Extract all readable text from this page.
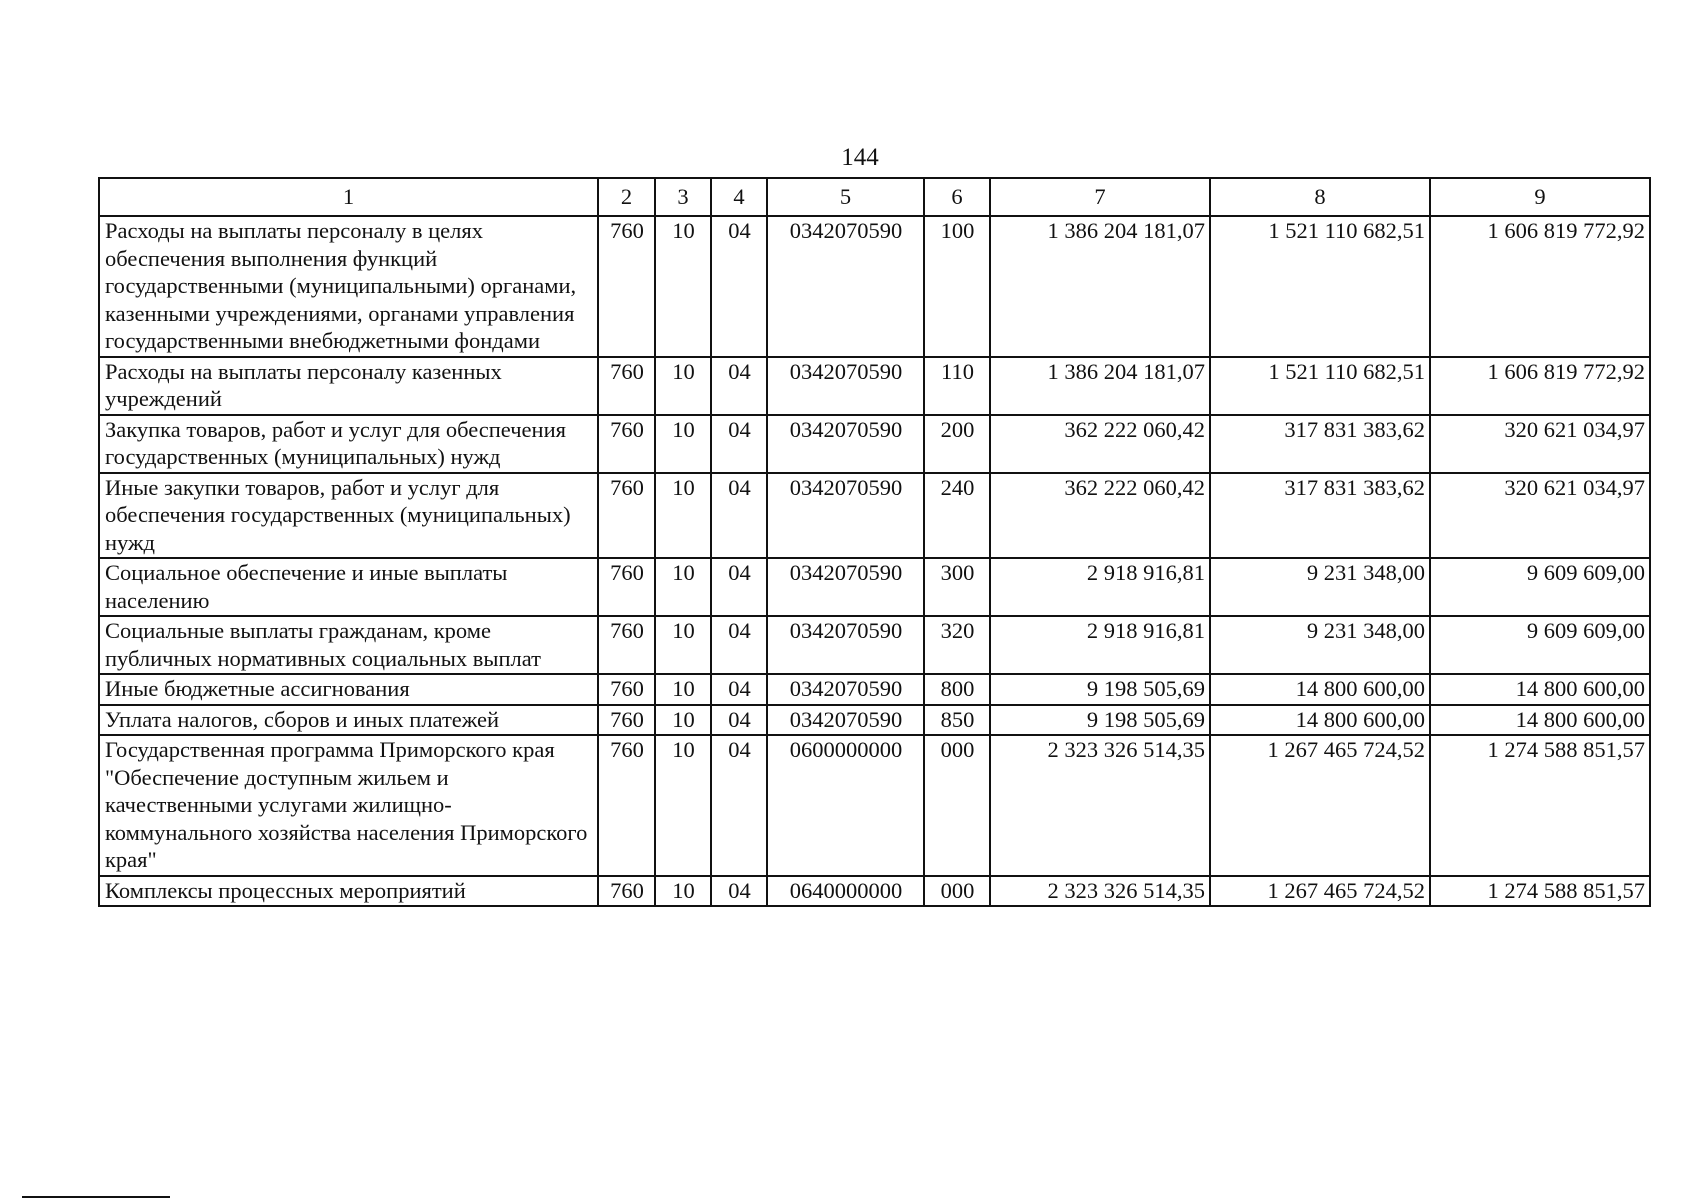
144
1	2	3	4	5	6	7	8	9
Расходы на выплаты персоналу в целях обеспечения выполнения функций государственными (муниципальными) органами, казенными учреждениями, органами управления государственными внебюджетными фондами	760	10	04	0342070590	100	1 386 204 181,07	1 521 110 682,51	1 606 819 772,92
Расходы на выплаты персоналу казенных учреждений	760	10	04	0342070590	110	1 386 204 181,07	1 521 110 682,51	1 606 819 772,92
Закупка товаров, работ и услуг для обеспечения государственных (муниципальных) нужд	760	10	04	0342070590	200	362 222 060,42	317 831 383,62	320 621 034,97
Иные закупки товаров, работ и услуг для обеспечения государственных (муниципальных) нужд	760	10	04	0342070590	240	362 222 060,42	317 831 383,62	320 621 034,97
Социальное обеспечение и иные выплаты населению	760	10	04	0342070590	300	2 918 916,81	9 231 348,00	9 609 609,00
Социальные выплаты гражданам, кроме публичных нормативных социальных выплат	760	10	04	0342070590	320	2 918 916,81	9 231 348,00	9 609 609,00
Иные бюджетные ассигнования	760	10	04	0342070590	800	9 198 505,69	14 800 600,00	14 800 600,00
Уплата налогов, сборов и иных платежей	760	10	04	0342070590	850	9 198 505,69	14 800 600,00	14 800 600,00
Государственная программа Приморского края "Обеспечение доступным жильем и качественными услугами жилищно-коммунального хозяйства населения Приморского края"	760	10	04	0600000000	000	2 323 326 514,35	1 267 465 724,52	1 274 588 851,57
Комплексы процессных мероприятий	760	10	04	0640000000	000	2 323 326 514,35	1 267 465 724,52	1 274 588 851,57
